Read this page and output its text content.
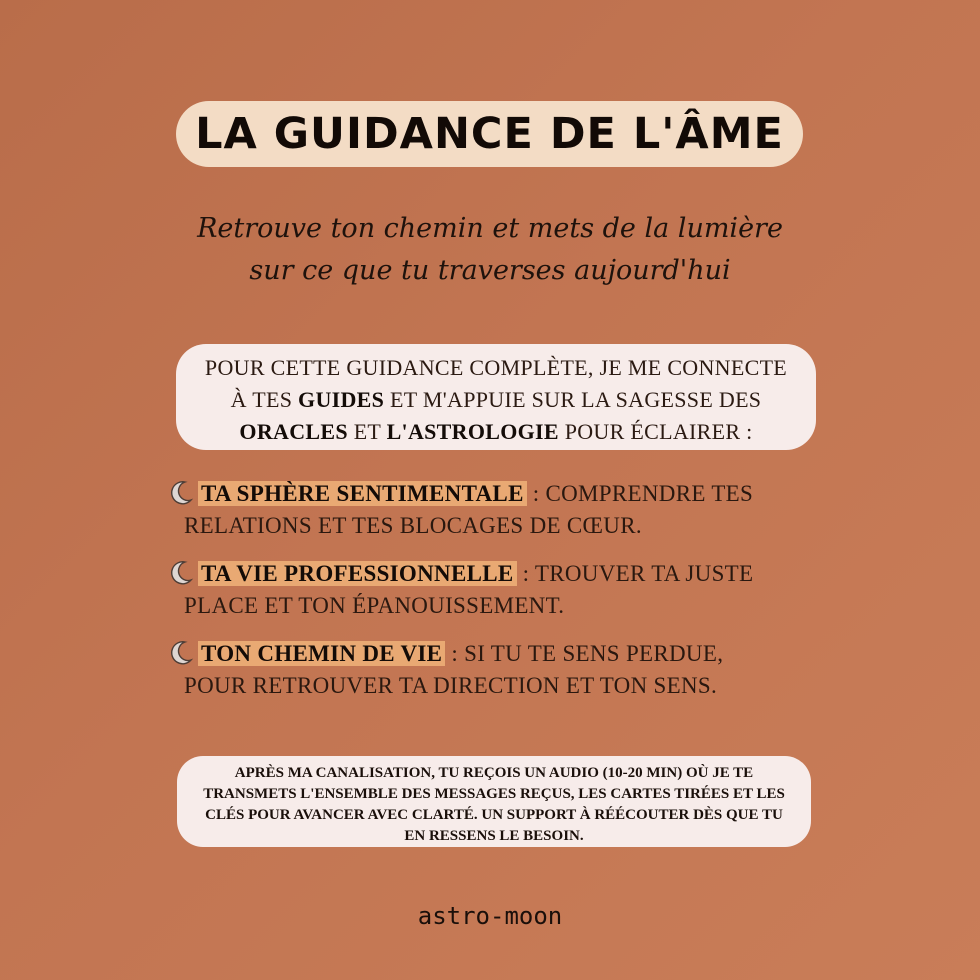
LA GUIDANCE DE L'ÂME
Retrouve ton chemin et mets de la lumière
sur ce que tu traverses aujourd'hui
POUR CETTE GUIDANCE COMPLÈTE, JE ME CONNECTE
À TES GUIDES ET M'APPUIE SUR LA SAGESSE DES
ORACLES ET L'ASTROLOGIE POUR ÉCLAIRER :
TA SPHÈRE SENTIMENTALE : COMPRENDRE TES
RELATIONS ET TES BLOCAGES DE CŒUR.
TA VIE PROFESSIONNELLE : TROUVER TA JUSTE
PLACE ET TON ÉPANOUISSEMENT.
TON CHEMIN DE VIE : SI TU TE SENS PERDUE,
POUR RETROUVER TA DIRECTION ET TON SENS.
APRÈS MA CANALISATION, TU REÇOIS UN AUDIO (10-20 MIN) OÙ JE TE
TRANSMETS L'ENSEMBLE DES MESSAGES REÇUS, LES CARTES TIRÉES ET LES
CLÉS POUR AVANCER AVEC CLARTÉ. UN SUPPORT À RÉÉCOUTER DÈS QUE TU
EN RESSENS LE BESOIN.
astro-moon
